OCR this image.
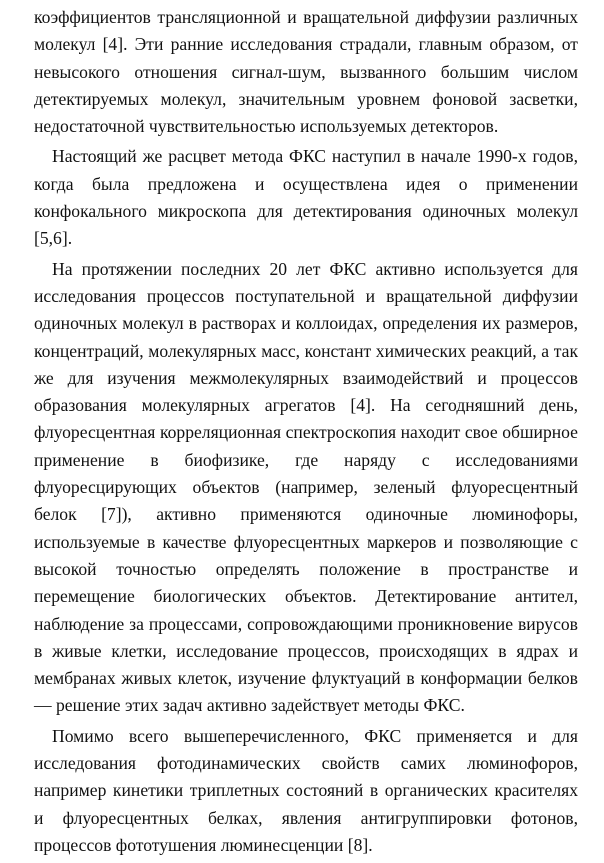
коэффициентов трансляционной и вращательной диффузии различных молекул [4]. Эти ранние исследования страдали, главным образом, от невысокого отношения сигнал-шум, вызванного большим числом детектируемых молекул, значительным уровнем фоновой засветки, недостаточной чувствительностью используемых детекторов.

Настоящий же расцвет метода ФКС наступил в начале 1990-х годов, когда была предложена и осуществлена идея о применении конфокального микроскопа для детектирования одиночных молекул [5,6].

На протяжении последних 20 лет ФКС активно используется для исследования процессов поступательной и вращательной диффузии одиночных молекул в растворах и коллоидах, определения их размеров, концентраций, молекулярных масс, констант химических реакций, а так же для изучения межмолекулярных взаимодействий и процессов образования молекулярных агрегатов [4]. На сегодняшний день, флуоресцентная корреляционная спектроскопия находит свое обширное применение в биофизике, где наряду с исследованиями флуоресцирующих объектов (например, зеленый флуоресцентный белок [7]), активно применяются одиночные люминофоры, используемые в качестве флуоресцентных маркеров и позволяющие с высокой точностью определять положение в пространстве и перемещение биологических объектов. Детектирование антител, наблюдение за процессами, сопровождающими проникновение вирусов в живые клетки, исследование процессов, происходящих в ядрах и мембранах живых клеток, изучение флуктуаций в конформации белков — решение этих задач активно задействует методы ФКС.

Помимо всего вышеперечисленного, ФКС применяется и для исследования фотодинамических свойств самих люминофоров, например кинетики триплетных состояний в органических красителях и флуоресцентных белках, явления антигруппировки фотонов, процессов фототушения люминесценции [8].
